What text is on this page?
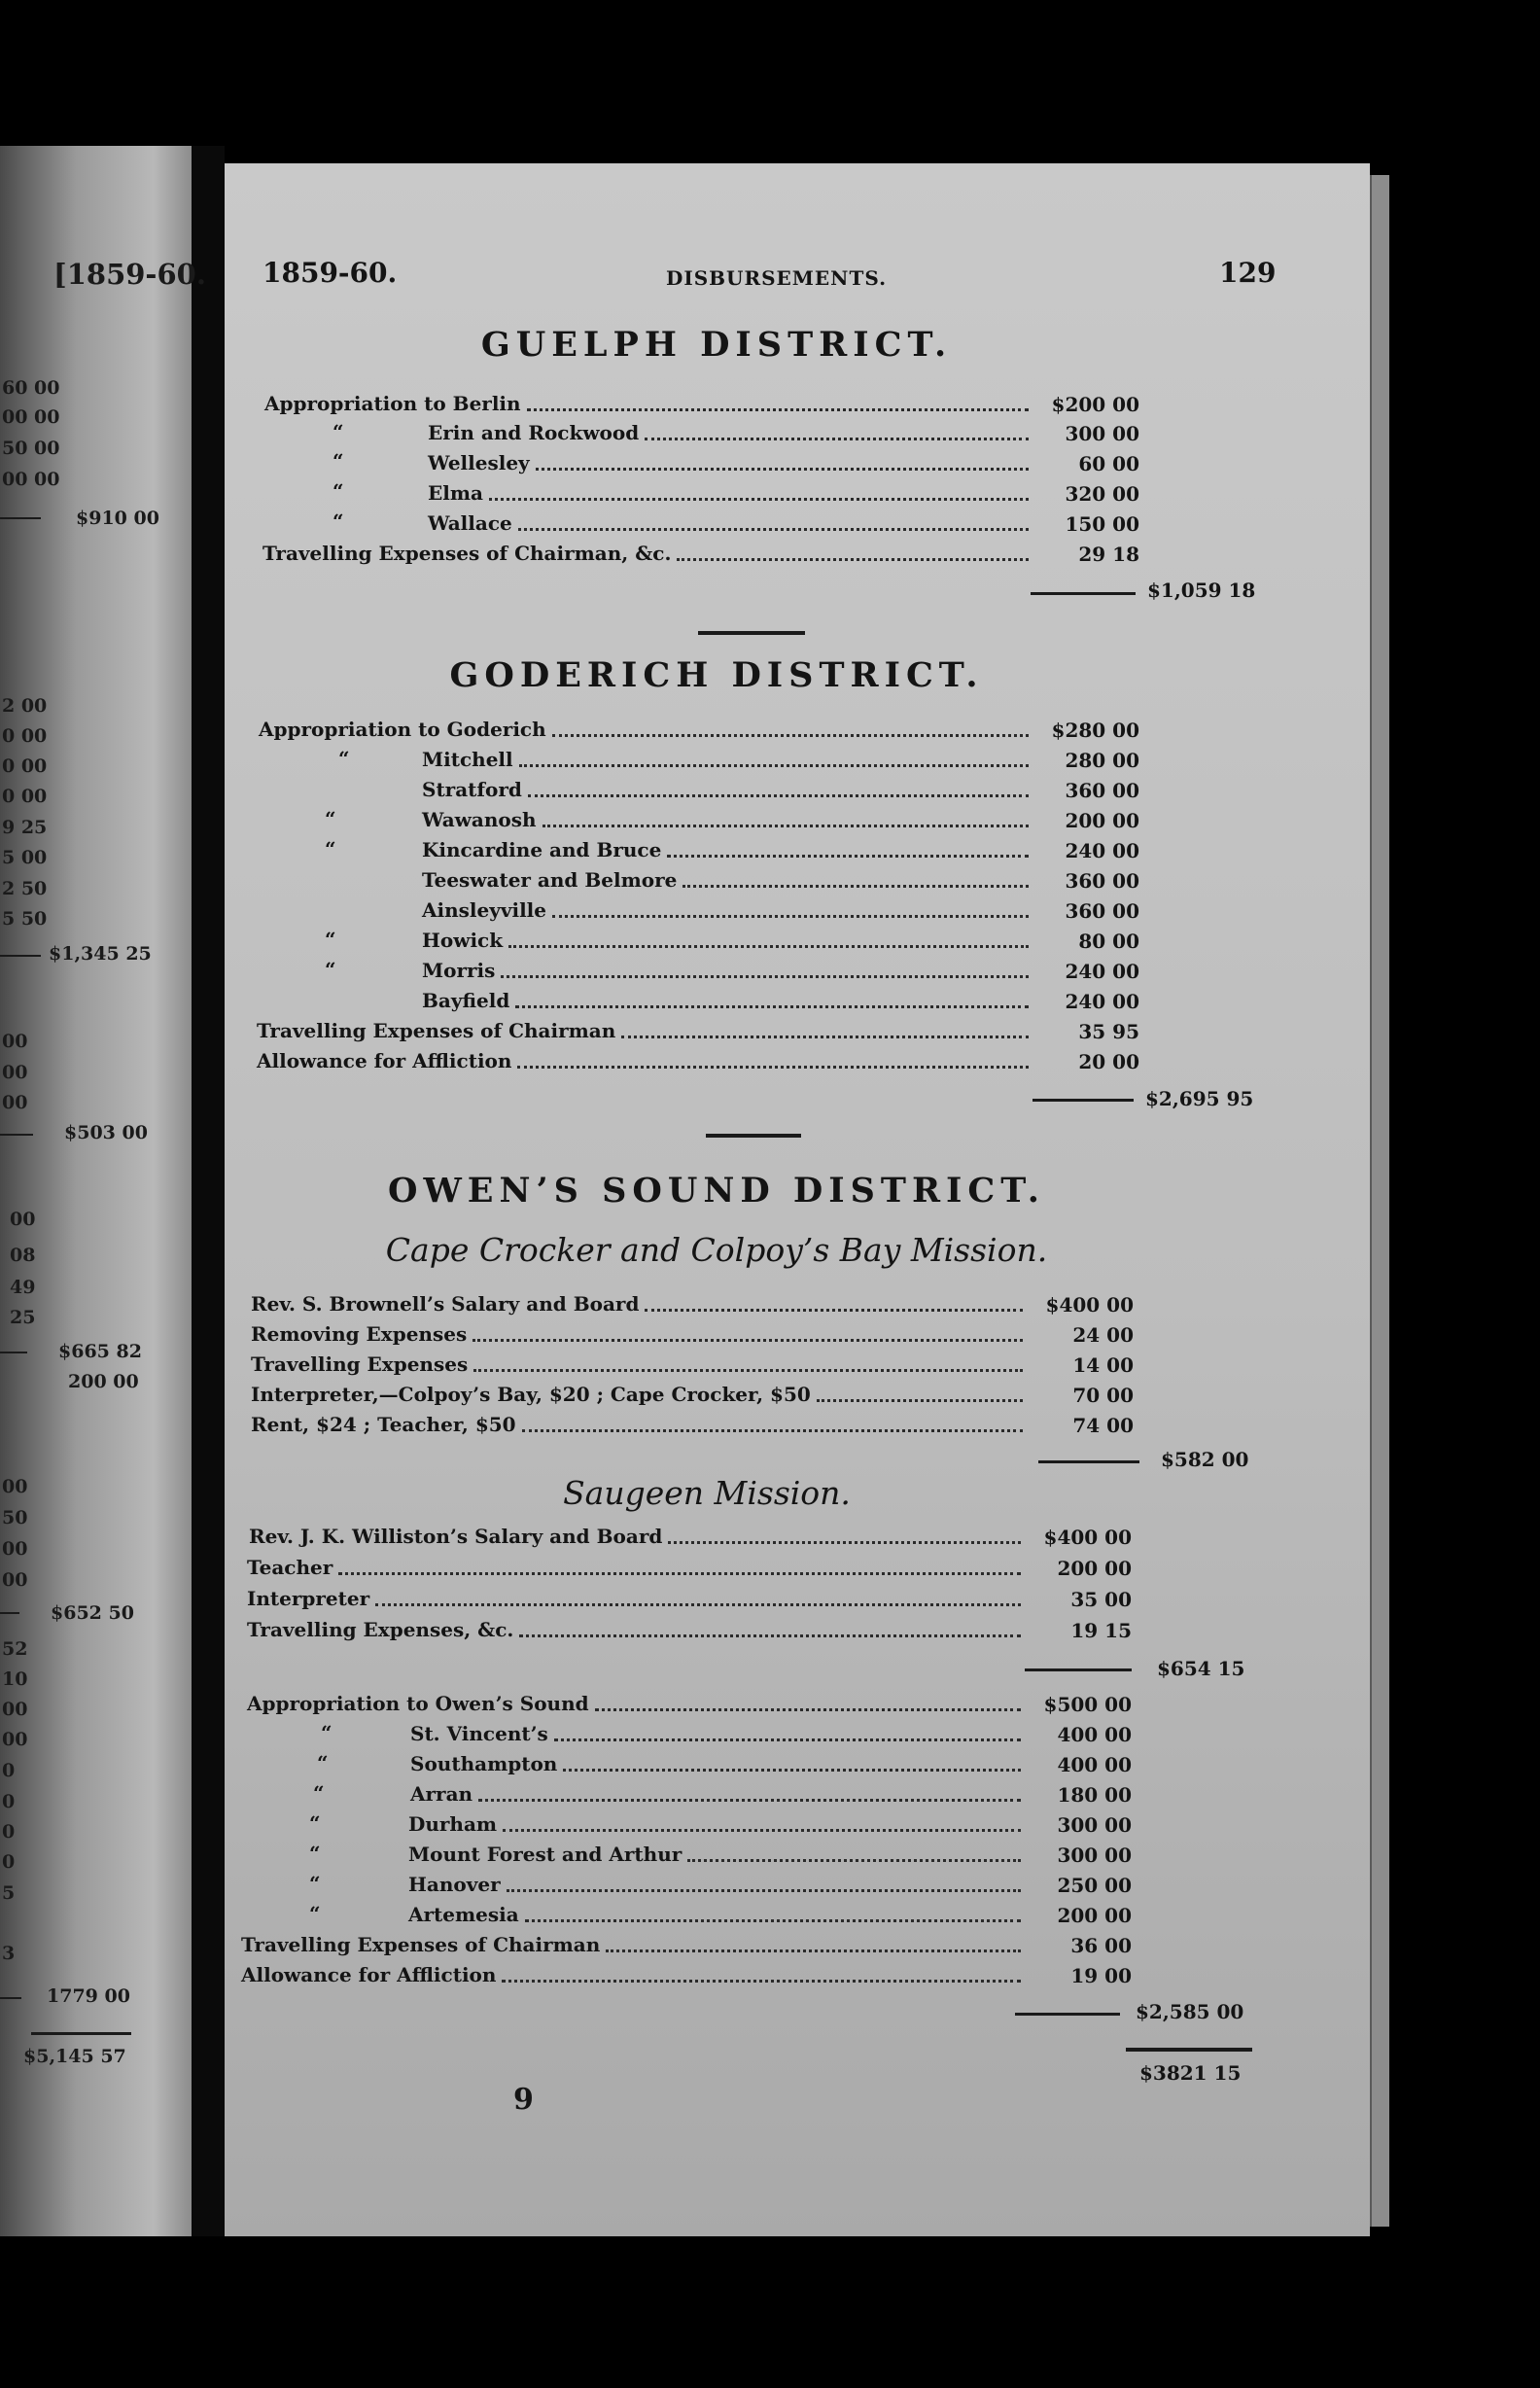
[1859-60.
60 00
00 00
50 00
00 00
$910 00
2 00
0 00
0 00
0 00
9 25
5 00
2 50
5 50
$1,345 25
00
00
00
$503 00
00
08
49
25
$665 82
200 00
00
50
00
00
$652 50
52
10
00
00
0
0
0
0
5
3
1779 00
$5,145 57
1859-60.	DISBURSEMENTS.	129
GUELPH DISTRICT.
Appropriation to Berlin	$200 00
“	Erin and Rockwood	300 00
“	Wellesley	60 00
“	Elma	320 00
“	Wallace	150 00
Travelling Expenses of Chairman, &c.	29 18
$1,059 18
GODERICH DISTRICT.
Appropriation to Goderich	$280 00
“	Mitchell	280 00
Stratford	360 00
“	Wawanosh	200 00
“	Kincardine and Bruce	240 00
Teeswater and Belmore	360 00
Ainsleyville	360 00
“	Howick	80 00
“	Morris	240 00
Bayfield	240 00
Travelling Expenses of Chairman	35 95
Allowance for Affliction	20 00
$2,695 95
OWEN’S SOUND DISTRICT.
Cape Crocker and Colpoy’s Bay Mission.
Rev. S. Brownell’s Salary and Board	$400 00
Removing Expenses	24 00
Travelling Expenses	14 00
Interpreter,—Colpoy’s Bay, $20 ; Cape Crocker, $50	70 00
Rent, $24 ; Teacher, $50	74 00
$582 00
Saugeen Mission.
Rev. J. K. Williston’s Salary and Board	$400 00
Teacher	200 00
Interpreter	35 00
Travelling Expenses, &c.	19 15
$654 15
Appropriation to Owen’s Sound	$500 00
“	St. Vincent’s	400 00
“	Southampton	400 00
“	Arran	180 00
“	Durham	300 00
“	Mount Forest and Arthur	300 00
“	Hanover	250 00
“	Artemesia	200 00
Travelling Expenses of Chairman	36 00
Allowance for Affliction	19 00
$2,585 00
$3821 15
9
